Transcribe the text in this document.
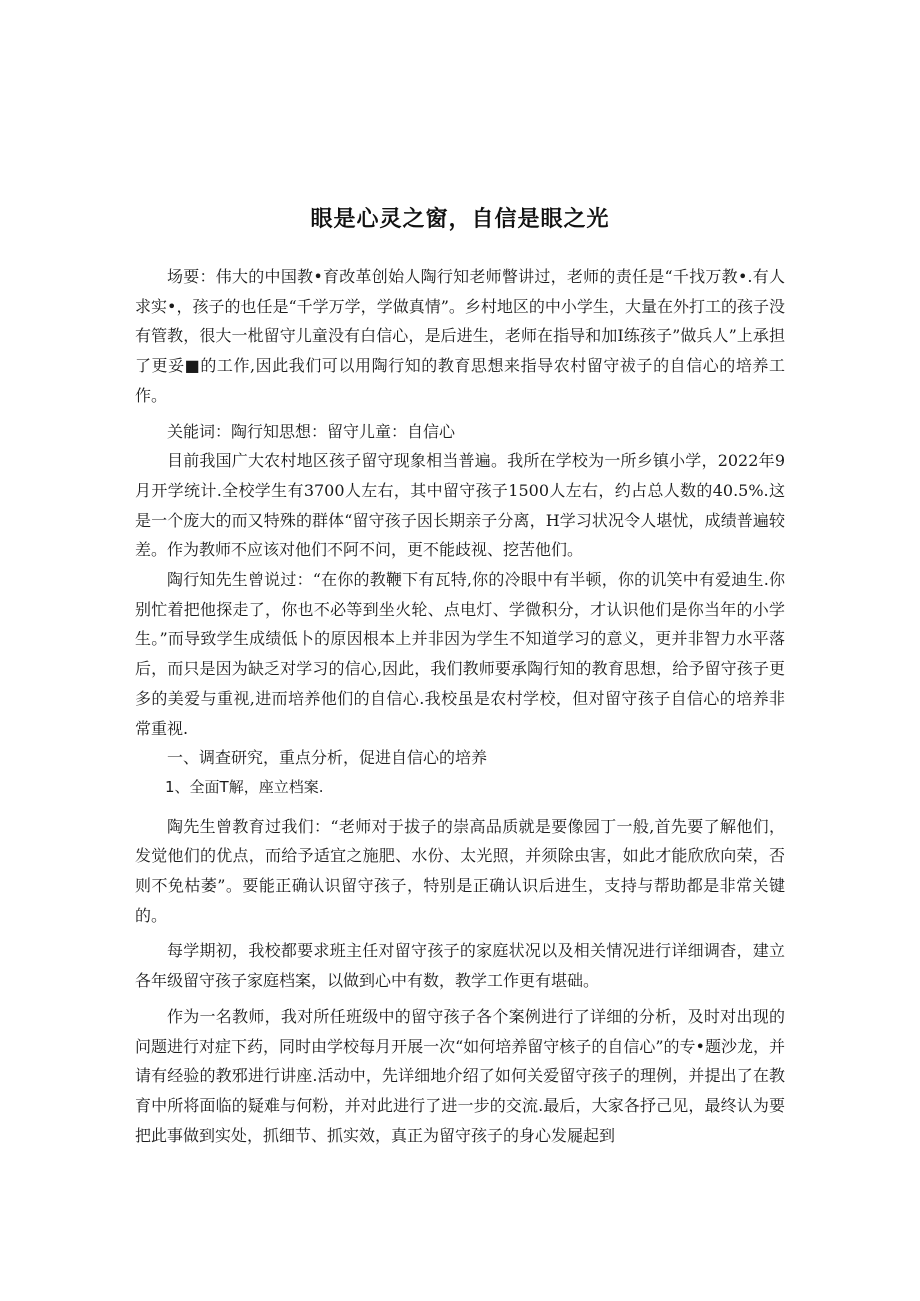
眼是心灵之窗，自信是眼之光

场要：伟大的中国教•育改革创始人陶行知老师瞥讲过，老师的责任是“千找万教•.有人求实•，孩子的也任是“千学万学，学做真情”。乡村地区的中小学生，大量在外打工的孩子没有管教，很大一枇留守儿童没有白信心，是后进生，老师在指导和加I练孩子”做兵人”上承担了更妥■的工作,因此我们可以用陶行知的教育思想来指导农村留守祓子的自信心的培养工作。

关能词：陶行知思想：留守儿童：自信心

目前我国广大农村地区孩子留守现象相当普遍。我所在学校为一所乡镇小学，2022年9月开学统计.全校学生有3700人左右，其中留守孩子1500人左右，约占总人数的40.5%.这是一个庞大的而又特殊的群体“留守孩子因长期亲子分离，H学习状况令人堪忧，成绩普遍较差。作为教师不应该对他们不阿不问，更不能歧视、挖苦他们。

陶行知先生曾说过：“在你的教鞭下有瓦特,你的冷眼中有半顿，你的讥笑中有爱迪生.你别忙着把他探走了，你也不必等到坐火轮、点电灯、学微积分，才认识他们是你当年的小学生。”而导致学生成绩低卜的原因根本上并非因为学生不知道学习的意义，更并非智力水平落后，而只是因为缺乏对学习的信心,因此，我们教师要承陶行知的教育思想，给予留守孩子更多的美爱与重视,进而培养他们的自信心.我校虽是农村学校，但对留守孩子自信心的培养非常重视.

一、调查研究，重点分析，促进自信心的培养

1、全面T解，座立档案.

陶先生曾教育过我们：“老师对于拔子的崇高品质就是要像园丁一般,首先要了解他们，发觉他们的优点，而给予适宜之施肥、水份、太光照，并须除虫害，如此才能欣欣向荣，否则不免枯萎”。要能正确认识留守孩子，特别是正确认识后进生，支持与帮助都是非常关键的。

每学期初，我校都要求班主任对留守孩子的家庭状况以及相关情况进行详细调杳，建立各年级留守孩子家庭档案，以做到心中有数，教学工作更有堪础。

作为一名教师，我对所任班级中的留守孩子各个案例进行了详细的分析，及时对出现的问题进行对症下药，同时由学校每月开展一次“如何培养留守核子的自信心”的专•题沙龙，并请有经验的教邪进行讲座.活动中，先详细地介绍了如何关爱留守孩子的理例，并提出了在教育中所将面临的疑难与何粉，并对此进行了进一步的交流.最后，大家各抒己见，最终认为要把此事做到实处，抓细节、抓实效，真正为留守孩子的身心发屣起到
